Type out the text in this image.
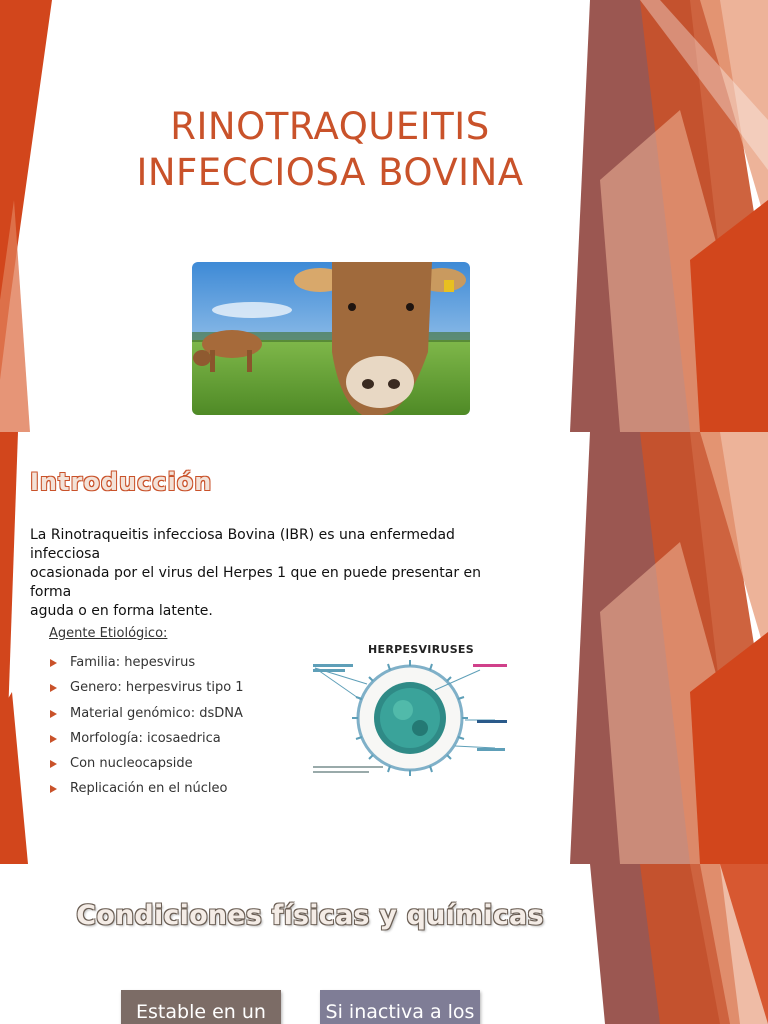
RINOTRAQUEITIS
INFECCIOSA BOVINA
Introducción
La Rinotraqueitis infecciosa Bovina (IBR) es una enfermedad infecciosa
ocasionada por el virus del Herpes 1 que en puede presentar en forma
aguda o en forma latente.
Agente Etiológico:
Familia: hepesvirus
Genero: herpesvirus tipo 1
Material genómico: dsDNA
Morfología: icosaedrica
Con nucleocapside
Replicación en el núcleo
HERPESVIRUSES
Condiciones físicas y químicas
Estable en un	Si inactiva a los
